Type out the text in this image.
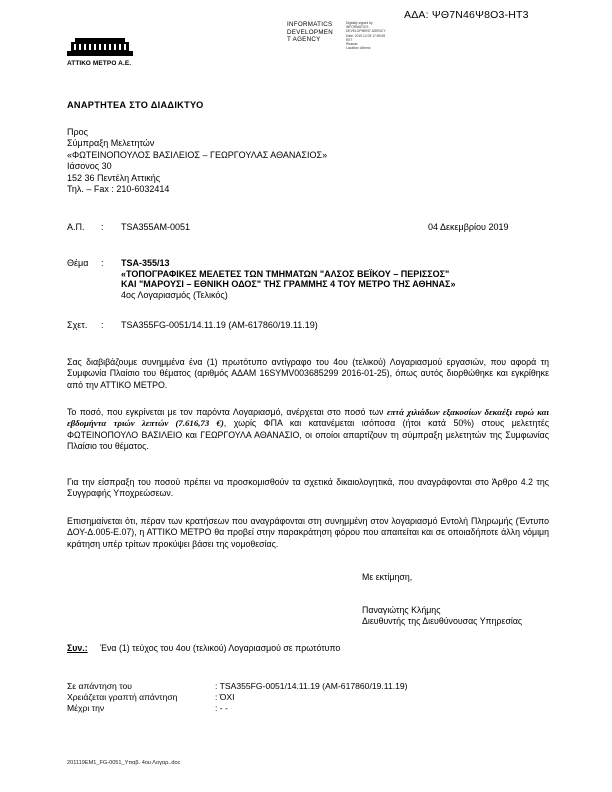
ΑΔΑ: ΨΘ7Ν46Ψ8Ο3-ΗΤ3
ΑΤΤΙΚΟ ΜΕΤΡΟ Α.Ε.
INFORMATICS
DEVELOPMEN
T AGENCY
Digitally signed by
INFORMATICS
DEVELOPMENT AGENCY
Date: 2019.12.05 17:59:08
EET
Reason:
Location: Athens
ΑΝΑΡΤΗΤΕΑ ΣΤΟ ΔΙΑΔΙΚΤΥΟ
Προς
Σύμπραξη Μελετητών
«ΦΩΤΕΙΝΟΠΟΥΛΟΣ ΒΑΣΙΛΕΙΟΣ – ΓΕΩΡΓΟΥΛΑΣ ΑΘΑΝΑΣΙΟΣ»
Ιάσονος 30
152 36 Πεντέλη Αττικής
Τηλ. – Fax : 210-6032414
Α.Π. : TSA355AM-0051	04 Δεκεμβρίου 2019
Θέμα : TSA-355/13
«ΤΟΠΟΓΡΑΦΙΚΕΣ ΜΕΛΕΤΕΣ ΤΩΝ ΤΜΗΜΑΤΩΝ "ΑΛΣΟΣ ΒΕΪΚΟΥ – ΠΕΡΙΣΣΟΣ"
ΚΑΙ "ΜΑΡΟΥΣΙ – ΕΘΝΙΚΗ ΟΔΟΣ" ΤΗΣ ΓΡΑΜΜΗΣ 4 ΤΟΥ ΜΕΤΡΟ ΤΗΣ ΑΘΗΝΑΣ»
4ος Λογαριασμός (Τελικός)
Σχετ. : TSA355FG-0051/14.11.19 (AM-617860/19.11.19)
Σας διαβιβάζουμε συνημμένα ένα (1) πρωτότυπο αντίγραφο του 4ου (τελικού) Λογαριασμού εργασιών, που αφορά τη Συμφωνία Πλαίσιο του θέματος (αριθμός ΑΔΑΜ 16SYMV003685299 2016-01-25), όπως αυτός διορθώθηκε και εγκρίθηκε από την ΑΤΤΙΚΟ ΜΕΤΡΟ.
Το ποσό, που εγκρίνεται με τον παρόντα Λογαριασμό, ανέρχεται στο ποσό των επτά χιλιάδων εξακοσίων δεκαέξι ευρώ και εβδομήντα τριών λεπτών (7.616,73 €), χωρίς ΦΠΑ και κατανέμεται ισόποσα (ήτοι κατά 50%) στους μελετητές ΦΩΤΕΙΝΟΠΟΥΛΟ ΒΑΣΙΛΕΙΟ και ΓΕΩΡΓΟΥΛΑ ΑΘΑΝΑΣΙΟ, οι οποίοι απαρτίζουν τη σύμπραξη μελετητών της Συμφωνίας Πλαίσιο του θέματος.
Για την είσπραξη του ποσού πρέπει να προσκομισθούν τα σχετικά δικαιολογητικά, που αναγράφονται στο Άρθρο 4.2 της Συγγραφής Υποχρεώσεων.
Επισημαίνεται ότι, πέραν των κρατήσεων που αναγράφονται στη συνημμένη στον λογαριασμό Εντολή Πληρωμής (Έντυπο ΔΟΥ-Δ.005-Ε.07), η ΑΤΤΙΚΟ ΜΕΤΡΟ θα προβεί στην παρακράτηση φόρου που απαιτείται και σε οποιαδήποτε άλλη νόμιμη κράτηση υπέρ τρίτων προκύψει βάσει της νομοθεσίας.
Με εκτίμηση,
Παναγιώτης Κλήμης
Διευθυντής της Διευθύνουσας Υπηρεσίας
Συν.: Ένα (1) τεύχος του 4ου (τελικού) Λογαριασμού σε πρωτότυπο
Σε απάντηση του	: TSA355FG-0051/14.11.19 (AM-617860/19.11.19)
Χρειάζεται γραπτή απάντηση	: ΌΧΙ
Μέχρι την	: - -
201119EM1_FG-0051_Υπαβ. 4ου Λογαρ..doc
